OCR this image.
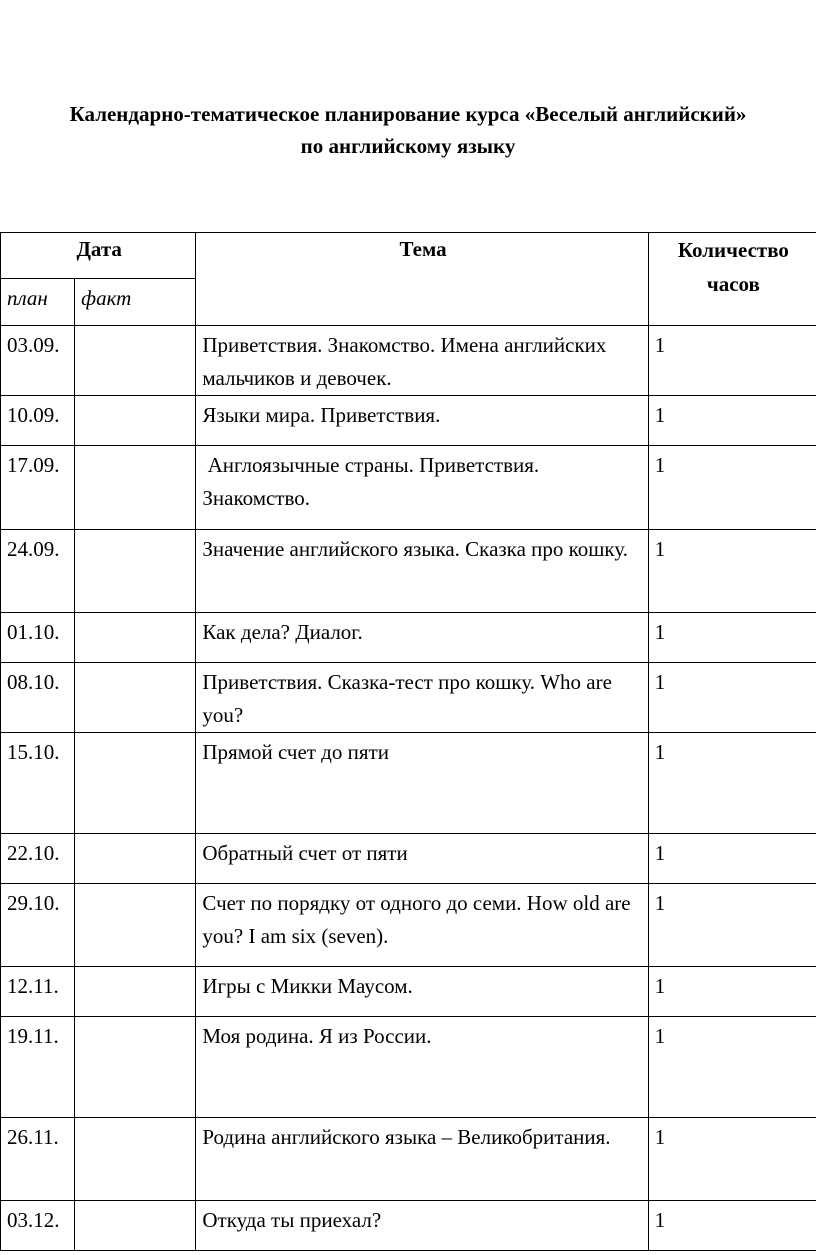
Календарно-тематическое планирование курса «Веселый английский»
по английскому языку
Дата		Тема	Количество часов
план	факт		
03.09.		Приветствия. Знакомство. Имена английских мальчиков и девочек.	1
10.09.		Языки мира. Приветствия.	1
17.09.		Англоязычные страны. Приветствия. Знакомство.	1
24.09.		Значение английского языка. Сказка про кошку.	1
01.10.		Как дела? Диалог.	1
08.10.		Приветствия. Сказка-тест про кошку. Who are you?	1
15.10.		Прямой счет до пяти	1
22.10.		Обратный счет от пяти	1
29.10.		Счет по порядку от одного до семи. How old are you? I am six (seven).	1
12.11.		Игры с Микки Маусом.	1
19.11.		Моя родина. Я из России.	1
26.11.		Родина английского языка – Великобритания.	1
03.12.		Откуда ты приехал?	1
